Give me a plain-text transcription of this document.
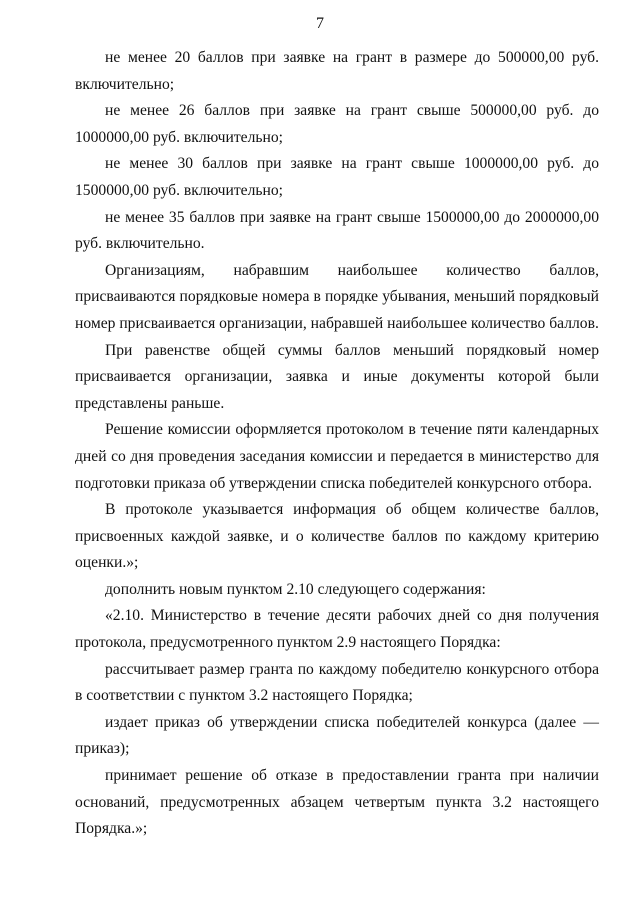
7

не менее 20 баллов при заявке на грант в размере до 500000,00 руб. включительно;

не менее 26 баллов при заявке на грант свыше 500000,00 руб. до 1000000,00 руб. включительно;

не менее 30 баллов при заявке на грант свыше 1000000,00 руб. до 1500000,00 руб. включительно;

не менее 35 баллов при заявке на грант свыше 1500000,00 до 2000000,00 руб. включительно.

Организациям, набравшим наибольшее количество баллов, присваиваются порядковые номера в порядке убывания, меньший порядковый номер присваивается организации, набравшей наибольшее количество баллов.

При равенстве общей суммы баллов меньший порядковый номер присваивается организации, заявка и иные документы которой были представлены раньше.

Решение комиссии оформляется протоколом в течение пяти календарных дней со дня проведения заседания комиссии и передается в министерство для подготовки приказа об утверждении списка победителей конкурсного отбора.

В протоколе указывается информация об общем количестве баллов, присвоенных каждой заявке, и о количестве баллов по каждому критерию оценки.»;

дополнить новым пунктом 2.10 следующего содержания:

«2.10. Министерство в течение десяти рабочих дней со дня получения протокола, предусмотренного пунктом 2.9 настоящего Порядка:

рассчитывает размер гранта по каждому победителю конкурсного отбора в соответствии с пунктом 3.2 настоящего Порядка;

издает приказ об утверждении списка победителей конкурса (далее — приказ);

принимает решение об отказе в предоставлении гранта при наличии оснований, предусмотренных абзацем четвертым пункта 3.2 настоящего Порядка.»;
